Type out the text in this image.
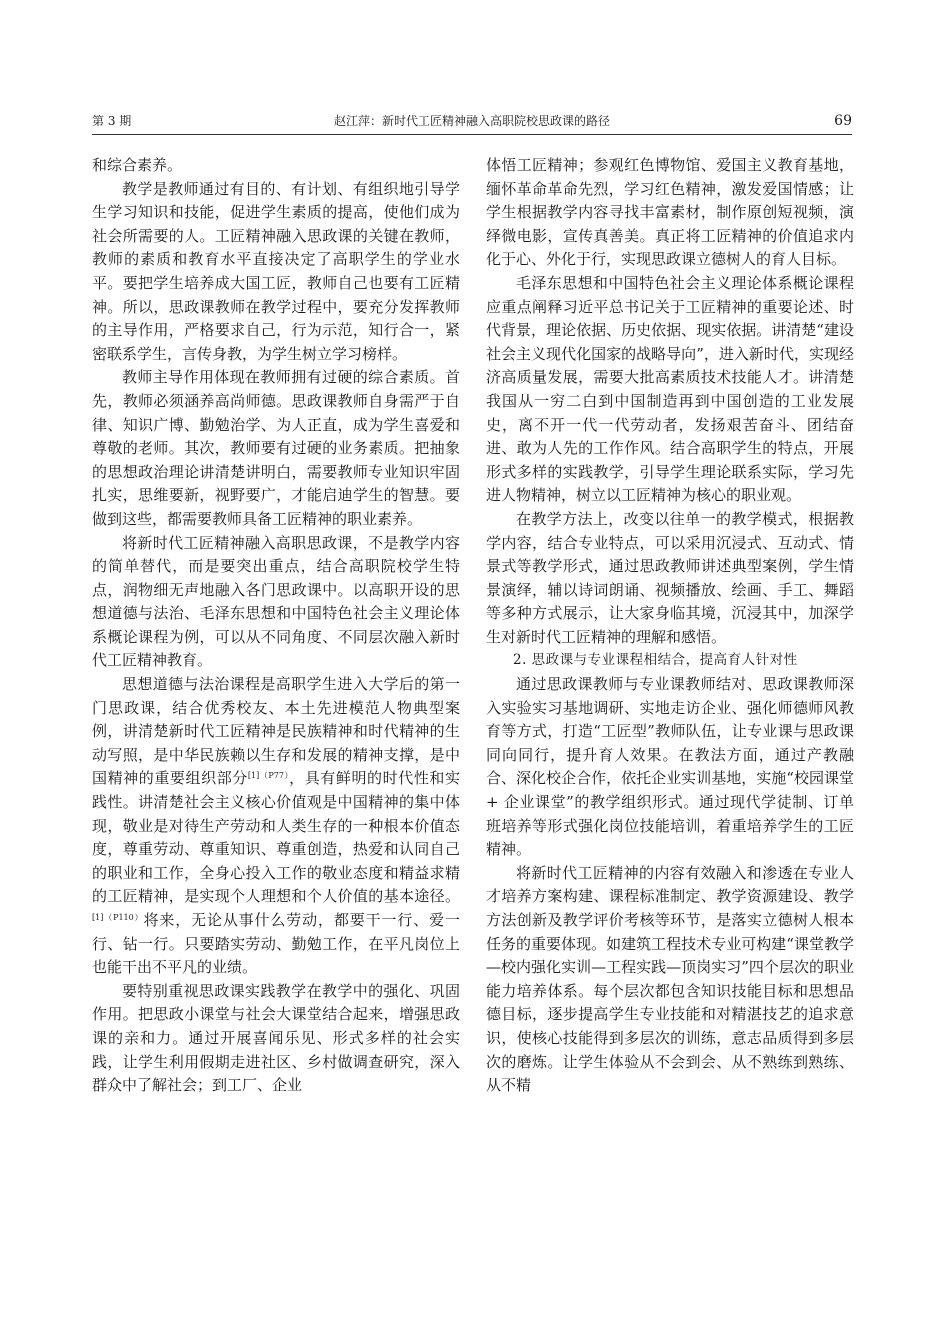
第 3 期	赵江萍：新时代工匠精神融入高职院校思政课的路径	69

和综合素养。

教学是教师通过有目的、有计划、有组织地引导学生学习知识和技能，促进学生素质的提高，使他们成为社会所需要的人。工匠精神融入思政课的关键在教师，教师的素质和教育水平直接决定了高职学生的学业水平。要把学生培养成大国工匠，教师自己也要有工匠精神。所以，思政课教师在教学过程中，要充分发挥教师的主导作用，严格要求自己，行为示范，知行合一，紧密联系学生，言传身教，为学生树立学习榜样。

教师主导作用体现在教师拥有过硬的综合素质。首先，教师必须涵养高尚师德。思政课教师自身需严于自律、知识广博、勤勉治学、为人正直，成为学生喜爱和尊敬的老师。其次，教师要有过硬的业务素质。把抽象的思想政治理论讲清楚讲明白，需要教师专业知识牢固扎实，思维要新，视野要广，才能启迪学生的智慧。要做到这些，都需要教师具备工匠精神的职业素养。

将新时代工匠精神融入高职思政课，不是教学内容的简单替代，而是要突出重点，结合高职院校学生特点，润物细无声地融入各门思政课中。以高职开设的思想道德与法治、毛泽东思想和中国特色社会主义理论体系概论课程为例，可以从不同角度、不同层次融入新时代工匠精神教育。

思想道德与法治课程是高职学生进入大学后的第一门思政课，结合优秀校友、本土先进模范人物典型案例，讲清楚新时代工匠精神是民族精神和时代精神的生动写照，是中华民族赖以生存和发展的精神支撑，是中国精神的重要组织部分$^{[1](P77)}$，具有鲜明的时代性和实践性。讲清楚社会主义核心价值观是中国精神的集中体现，敬业是对待生产劳动和人类生存的一种根本价值态度，尊重劳动、尊重知识、尊重创造，热爱和认同自己的职业和工作，全身心投入工作的敬业态度和精益求精的工匠精神，是实现个人理想和个人价值的基本途径。$^{[1](P110)}$将来，无论从事什么劳动，都要干一行、爱一行、钻一行。只要踏实劳动、勤勉工作，在平凡岗位上也能干出不平凡的业绩。

要特别重视思政课实践教学在教学中的强化、巩固作用。把思政小课堂与社会大课堂结合起来，增强思政课的亲和力。通过开展喜闻乐见、形式多样的社会实践，让学生利用假期走进社区、乡村做调查研究，深入群众中了解社会；到工厂、企业

体悟工匠精神；参观红色博物馆、爱国主义教育基地，缅怀革命革命先烈，学习红色精神，激发爱国情感；让学生根据教学内容寻找丰富素材，制作原创短视频，演绎微电影，宣传真善美。真正将工匠精神的价值追求内化于心、外化于行，实现思政课立德树人的育人目标。

毛泽东思想和中国特色社会主义理论体系概论课程应重点阐释习近平总书记关于工匠精神的重要论述、时代背景，理论依据、历史依据、现实依据。讲清楚“建设社会主义现代化国家的战略导向”，进入新时代，实现经济高质量发展，需要大批高素质技术技能人才。讲清楚我国从一穷二白到中国制造再到中国创造的工业发展史，离不开一代一代劳动者，发扬艰苦奋斗、团结奋进、敢为人先的工作作风。结合高职学生的特点，开展形式多样的实践教学，引导学生理论联系实际，学习先进人物精神，树立以工匠精神为核心的职业观。

在教学方法上，改变以往单一的教学模式，根据教学内容，结合专业特点，可以采用沉浸式、互动式、情景式等教学形式，通过思政教师讲述典型案例，学生情景演绎，辅以诗词朗诵、视频播放、绘画、手工、舞蹈等多种方式展示，让大家身临其境，沉浸其中，加深学生对新时代工匠精神的理解和感悟。

2. 思政课与专业课程相结合，提高育人针对性

通过思政课教师与专业课教师结对、思政课教师深入实验实习基地调研、实地走访企业、强化师德师风教育等方式，打造“工匠型”教师队伍，让专业课与思政课同向同行，提升育人效果。在教法方面，通过产教融合、深化校企合作，依托企业实训基地，实施“校园课堂 + 企业课堂”的教学组织形式。通过现代学徒制、订单班培养等形式强化岗位技能培训，着重培养学生的工匠精神。

将新时代工匠精神的内容有效融入和渗透在专业人才培养方案构建、课程标准制定、教学资源建设、教学方法创新及教学评价考核等环节，是落实立德树人根本任务的重要体现。如建筑工程技术专业可构建“课堂教学—校内强化实训—工程实践—顶岗实习”四个层次的职业能力培养体系。每个层次都包含知识技能目标和思想品德目标，逐步提高学生专业技能和对精湛技艺的追求意识，使核心技能得到多层次的训练，意志品质得到多层次的磨炼。让学生体验从不会到会、从不熟练到熟练、从不精
